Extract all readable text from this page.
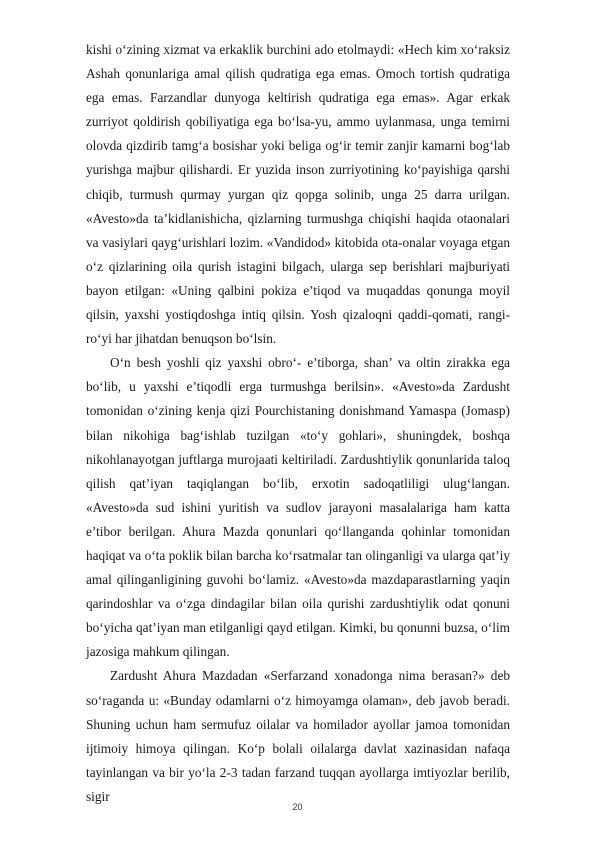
kishi o‘zining xizmat va erkaklik burchini ado etolmaydi: «Hech kim xo‘raksiz Ashah qonunlariga amal qilish qudratiga ega emas. Omoch tortish qudratiga ega emas. Farzandlar dunyoga keltirish qudratiga ega emas». Agar erkak zurriyot qoldirish qobiliyatiga ega bo‘lsa-yu, ammo uylanmasa, unga temirni olovda qizdirib tamg‘a bosishar yoki beliga og‘ir temir zanjir kamarni bog‘lab yurishga majbur qilishardi. Er yuzida inson zurriyotining ko‘payishiga qarshi chiqib, turmush qurmay yurgan qiz qopga solinib, unga 25 darra urilgan. «Avesto»da ta’kidlanishicha, qizlarning turmushga chiqishi haqida otaonalari va vasiylari qayg‘urishlari lozim. «Vandidod» kitobida ota-onalar voyaga etgan o‘z qizlarining oila qurish istagini bilgach, ularga sep berishlari majburiyati bayon etilgan: «Uning qalbini pokiza e’tiqod va muqaddas qonunga moyil qilsin, yaxshi yostiqdoshga intiq qilsin. Yosh qizaloqni qaddi-qomati, rangi-ro‘yi har jihatdan benuqson bo‘lsin.

O‘n besh yoshli qiz yaxshi obro‘- e’tiborga, shan’ va oltin zirakka ega bo‘lib, u yaxshi e’tiqodli erga turmushga berilsin». «Avesto»da Zardusht tomonidan o‘zining kenja qizi Pourchistaning donishmand Yamaspa (Jomasp) bilan nikohiga bag‘ishlab tuzilgan «to‘y gohlari», shuningdek, boshqa nikohlanayotgan juftlarga murojaati keltiriladi. Zardushtiylik qonunlarida taloq qilish qat’iyan taqiqlangan bo‘lib, erxotin sadoqatliligi ulug‘langan. «Avesto»da sud ishini yuritish va sudlov jarayoni masalalariga ham katta e’tibor berilgan. Ahura Mazda qonunlari qo‘llanganda qohinlar tomonidan haqiqat va o‘ta poklik bilan barcha ko‘rsatmalar tan olinganligi va ularga qat’iy amal qilinganligining guvohi bo‘lamiz. «Avesto»da mazdaparastlarning yaqin qarindoshlar va o‘zga dindagilar bilan oila qurishi zardushtiylik odat qonuni bo‘yicha qat’iyan man etilganligi qayd etilgan. Kimki, bu qonunni buzsa, o‘lim jazosiga mahkum qilingan.

Zardusht Ahura Mazdadan «Serfarzand xonadonga nima berasan?» deb so‘raganda u: «Bunday odamlarni o‘z himoyamga olaman», deb javob beradi. Shuning uchun ham sermufuz oilalar va homilador ayollar jamoa tomonidan ijtimoiy himoya qilingan. Ko‘p bolali oilalarga davlat xazinasidan nafaqa tayinlangan va bir yo‘la 2-3 tadan farzand tuqqan ayollarga imtiyozlar berilib, sigir

20
